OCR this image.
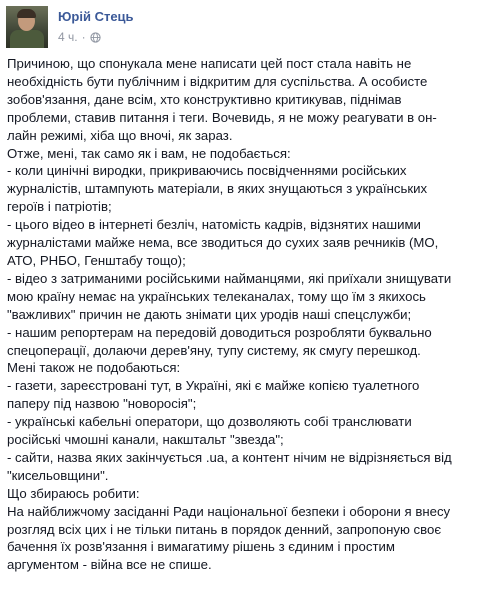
Юрій Стець
4 ч. ·

Причиною, що спонукала мене написати цей пост стала навіть не

необхідність бути публічним і відкритим для суспільства. А особисте

зобов'язання, дане всім, хто конструктивно критикував, піднімав

проблеми, ставив питання і теги. Вочевидь, я не можу реагувати в он-

лайн режимі, хіба що вночі, як зараз.

Отже, мені, так само як і вам, не подобається:

- коли цинічні виродки, прикриваючись посвідченнями російських

журналістів, штампують матеріали, в яких знущаються з українських

героїв і патріотів;

- цього відео в інтернеті безліч, натомість кадрів, відзнятих нашими

журналістами майже нема, все зводиться до сухих заяв речників (МО,

АТО, РНБО, Генштабу тощо);

- відео з затриманими російськими найманцями, які приїхали знищувати

мою країну немає на українських телеканалах, тому що їм з якихось

"важливих" причин не дають знімати цих уродів наші спецслужби;

- нашим репортерам на передовій доводиться розробляти буквально

спецоперації, долаючи дерев'яну, тупу систему, як смугу перешкод.

Мені також не подобаються:

- газети, зареєстровані тут, в Україні, які є майже копією туалетного

паперу під назвою "новоросія";

- українські кабельні оператори, що дозволяють собі транслювати

російські чмошні канали, накштальт "звезда";

- сайти, назва яких закінчується .ua, а контент нічим не відрізняється від

"кисельовщини".

Що збираюсь робити:

На найближчому засіданні Ради національної безпеки і оборони я внесу

розгляд всіх цих і не тільки питань в порядок денний, запропоную своє

бачення їх розв'язання і вимагатиму рішень з єдиним і простим

аргументом - війна все не спише.
